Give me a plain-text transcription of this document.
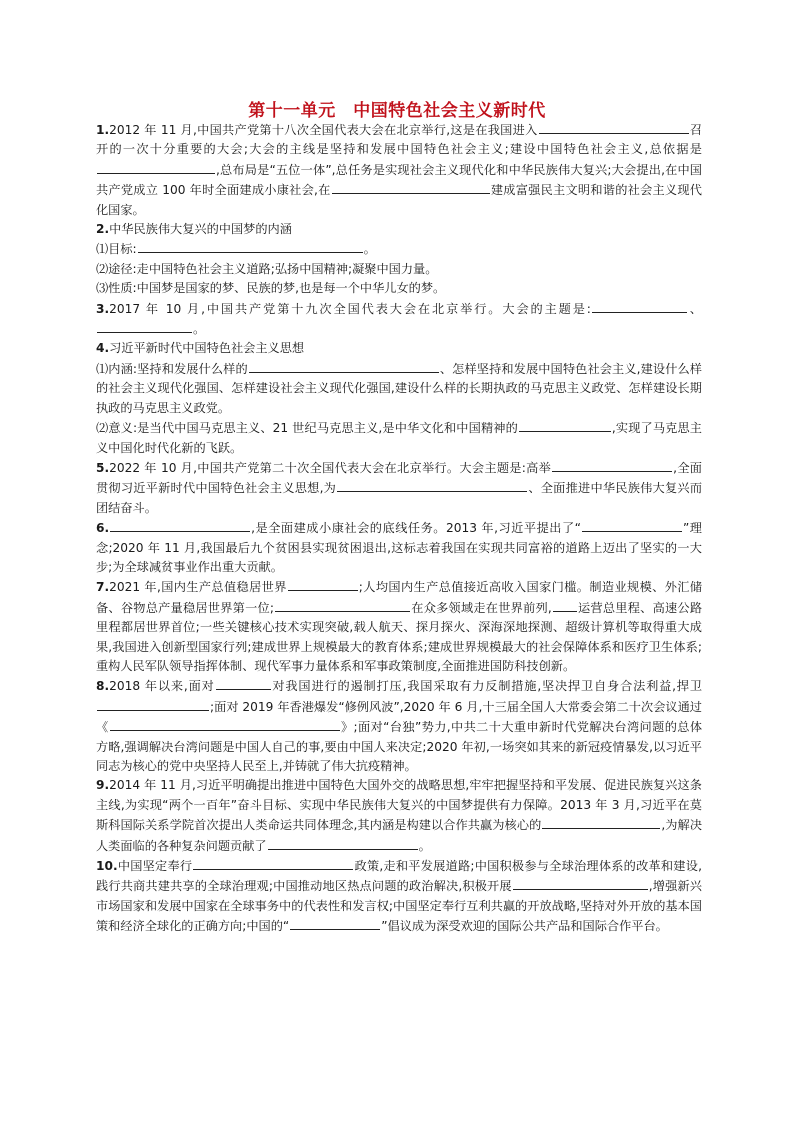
第十一单元　中国特色社会主义新时代

1.2012 年 11 月,中国共产党第十八次全国代表大会在北京举行,这是在我国进入	召开的一次十分重要的大会;大会的主线是坚持和发展中国特色社会主义;建设中国特色社会主义,总依据是,总布局是“五位一体”,总任务是实现社会主义现代化和中华民族伟大复兴;大会提出,在中国共产党成立 100 年时全面建成小康社会,在	建成富强民主文明和谐的社会主义现代化国家。

2.中华民族伟大复兴的中国梦的内涵

⑴目标:	。

⑵途径:走中国特色社会主义道路;弘扬中国精神;凝聚中国力量。

⑶性质:中国梦是国家的梦、民族的梦,也是每一个中华儿女的梦。

3.2017 年 10 月,中国共产党第十九次全国代表大会在北京举行。大会的主题是:	、。

4.习近平新时代中国特色社会主义思想

⑴内涵:坚持和发展什么样的	、怎样坚持和发展中国特色社会主义,建设什么样的社会主义现代化强国、怎样建设社会主义现代化强国,建设什么样的长期执政的马克思主义政党、怎样建设长期执政的马克思主义政党。

⑵意义:是当代中国马克思主义、21 世纪马克思主义,是中华文化和中国精神的	,实现了马克思主义中国化时代化新的飞跃。

5.2022 年 10 月,中国共产党第二十次全国代表大会在北京举行。大会主题是:高举	,全面贯彻习近平新时代中国特色社会主义思想,为	、全面推进中华民族伟大复兴而团结奋斗。

6.	,是全面建成小康社会的底线任务。2013 年,习近平提出了“	”理念;2020 年 11 月,我国最后九个贫困县实现贫困退出,这标志着我国在实现共同富裕的道路上迈出了坚实的一大步;为全球减贫事业作出重大贡献。

7.2021 年,国内生产总值稳居世界	;人均国内生产总值接近高收入国家门槛。制造业规模、外汇储备、谷物总产量稳居世界第一位;	在众多领域走在世界前列, 运营总里程、高速公路里程都居世界首位;一些关键核心技术实现突破,载人航天、探月探火、深海深地探测、超级计算机等取得重大成果,我国进入创新型国家行列;建成世界上规模最大的教育体系;建成世界规模最大的社会保障体系和医疗卫生体系;重构人民军队领导指挥体制、现代军事力量体系和军事政策制度,全面推进国防科技创新。

8.2018 年以来,面对	对我国进行的遏制打压,我国采取有力反制措施,坚决捍卫自身合法利益,捍卫;面对 2019 年香港爆发“修例风波”,2020 年 6 月,十三届全国人大常委会第二十次会议通过《	》;面对“台独”势力,中共二十大重申新时代党解决台湾问题的总体方略,强调解决台湾问题是中国人自己的事,要由中国人来决定;2020 年初,一场突如其来的新冠疫情暴发,以习近平同志为核心的党中央坚持人民至上,并铸就了伟大抗疫精神。

9.2014 年 11 月,习近平明确提出推进中国特色大国外交的战略思想,牢牢把握坚持和平发展、促进民族复兴这条主线,为实现“两个一百年”奋斗目标、实现中华民族伟大复兴的中国梦提供有力保障。2013 年 3 月,习近平在莫斯科国际关系学院首次提出人类命运共同体理念,其内涵是构建以合作共赢为核心的	,为解决人类面临的各种复杂问题贡献了	。

10.中国坚定奉行	政策,走和平发展道路;中国积极参与全球治理体系的改革和建设,践行共商共建共享的全球治理观;中国推动地区热点问题的政治解决,积极开展	,增强新兴市场国家和发展中国家在全球事务中的代表性和发言权;中国坚定奉行互利共赢的开放战略,坚持对外开放的基本国策和经济全球化的正确方向;中国的“	”倡议成为深受欢迎的国际公共产品和国际合作平台。
